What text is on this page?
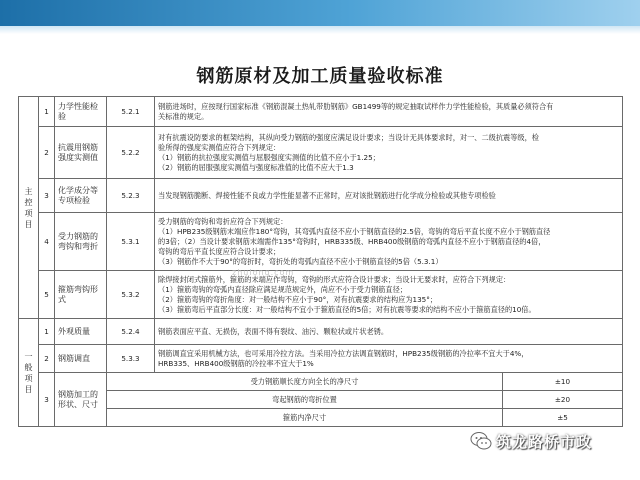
钢筋原材及加工质量验收标准
主控项目	1	力学性能检验	5.2.1	钢筋进场时，应按现行国家标准《钢筋混凝土热轧带肋钢筋》GB1499等的规定抽取试样作力学性能检验，其质量必须符合有
关标准的规定。	

	2	抗震用钢筋强度实测值	5.2.2	对有抗震设防要求的框架结构，其纵向受力钢筋的强度应满足设计要求；当设计无具体要求时，对一、二级抗震等级，检
验所得的强度实测值应符合下列规定：
（1）钢筋的抗拉强度实测值与屈服强度实测值的比值不应小于1.25；
（2）钢筋的屈服强度实测值与强度标准值的比值不应大于1.3	

	3	化学成分等专项检验	5.2.3	当发现钢筋脆断、焊接性能不良或力学性能显著不正常时，应对该批钢筋进行化学成分检验或其他专项检验	

	4	受力钢筋的弯钩和弯折	5.3.1	受力钢筋的弯钩和弯折应符合下列规定：
（1）HPB235级钢筋末端应作180°弯钩，其弯弧内直径不应小于钢筋直径的2.5倍，弯钩的弯后平直长度不应小于钢筋直径
的3倍；（2）当设计要求钢筋末端需作135°弯钩时，HRB335级、HRB400级钢筋的弯弧内直径不应小于钢筋直径的4倍，
弯钩的弯后平直长度应符合设计要求；
（3）钢筋作不大于90°的弯折时，弯折处的弯弧内直径不应小于钢筋直径的5倍（5.3.1）	

	5	箍筋弯钩形式	5.3.2	除焊接封闭式箍筋外，箍筋的末端应作弯钩，弯钩的形式应符合设计要求；当设计无要求时，应符合下列规定：
（1）箍筋弯钩的弯弧内直径除应满足规范规定外，尚应不小于受力钢筋直径；
（2）箍筋弯钩的弯折角度：对一般结构不应小于90°，对有抗震要求的结构应为135°；
（3）箍筋弯后平直部分长度：对一般结构不宜小于箍筋直径的5倍；对有抗震等要求的结构不应小于箍筋直径的10倍。	

一般项目	1	外观质量	5.2.4	钢筋表面应平直、无损伤，表面不得有裂纹、油污、颗粒状或片状老锈。	

	2	钢筋调直	5.3.3	钢筋调直宜采用机械方法，也可采用冷拉方法。当采用冷拉方法调直钢筋时，HPB235级钢筋的冷拉率不宜大于4%，
HRB335、HRB400级钢筋的冷拉率不宜大于1%	

	3	钢筋加工的形状、尺寸	受力钢筋顺长度方向全长的净尺寸		±10
			弯起钢筋的弯折位置		±20
			箍筋内净尺寸		±5
zhulong.com
筑龙路桥市政
